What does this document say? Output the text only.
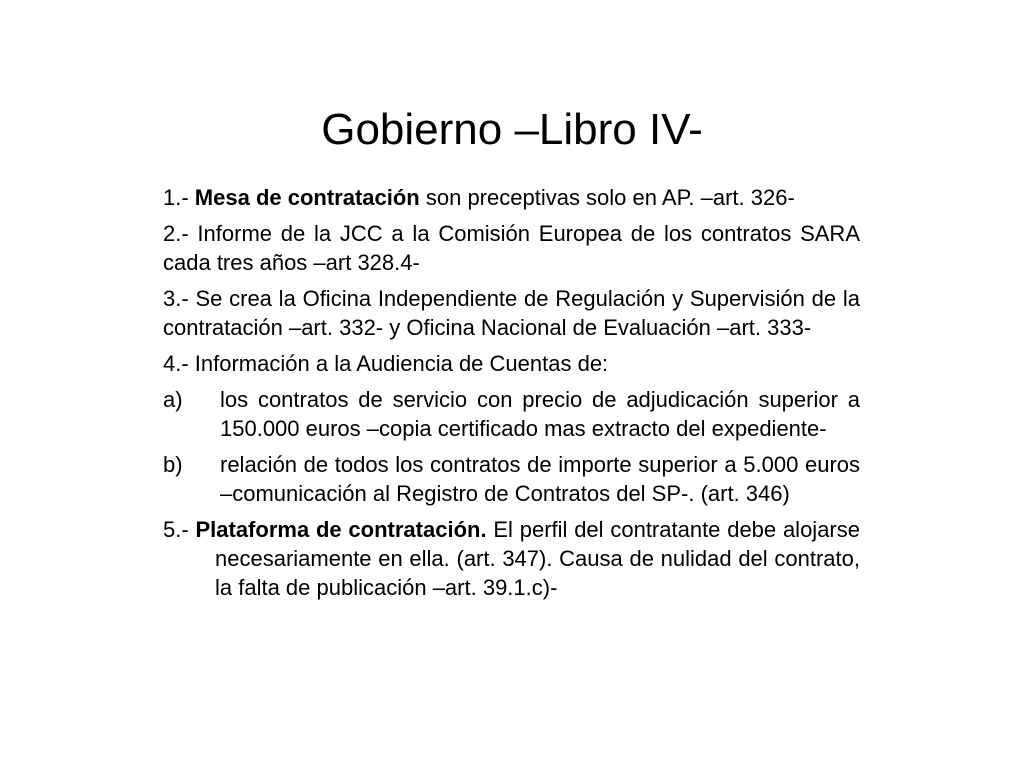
Gobierno –Libro IV-
1.- Mesa de contratación son preceptivas solo en AP. –art. 326-
2.- Informe de la JCC a la Comisión Europea de los contratos SARA cada tres años –art 328.4-
3.- Se crea la Oficina Independiente de Regulación y Supervisión de la contratación –art. 332- y Oficina Nacional de Evaluación –art. 333-
4.- Información a la Audiencia de Cuentas de:
a)	los contratos de servicio con precio de adjudicación superior a 150.000 euros –copia certificado mas extracto del expediente-
b)	relación de todos los contratos de importe superior a 5.000 euros –comunicación al Registro de Contratos del SP-. (art. 346)
5.- Plataforma de contratación. El perfil del contratante debe alojarse necesariamente en ella. (art. 347). Causa de nulidad del contrato, la falta de publicación –art. 39.1.c)-
